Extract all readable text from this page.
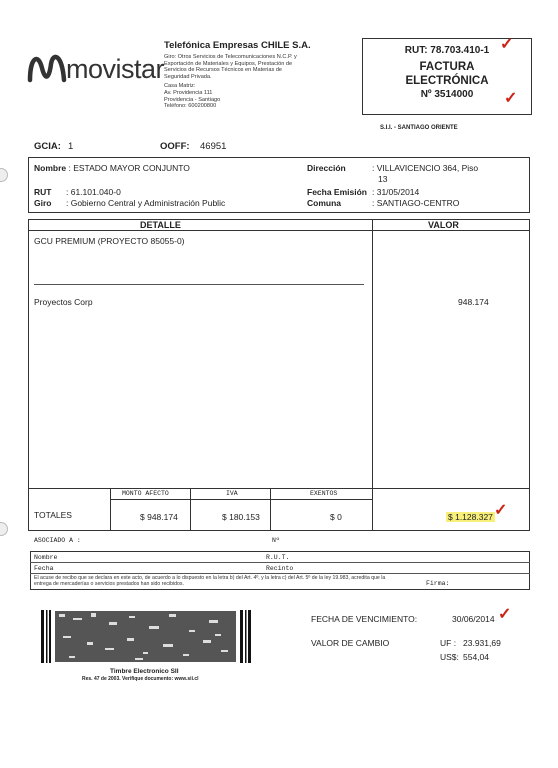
movistar
Telefónica Empresas CHILE S.A.
Giro: Otros Servicios de Telecomunicaciones N.C.P. y
Exportación de Materiales y Equipos, Prestación de
Servicios de Recursos Técnicos en Materias de
Seguridad Privada.
Casa Matriz:
Av. Providencia 111
Providencia - Santiago
Teléfono: 600200800
RUT: 78.703.410-1
FACTURA
ELECTRÓNICA
Nº 3514000
S.I.I. - SANTIAGO ORIENTE
✓
✓
GCIA: 1	OOFF: 46951
Nombre : ESTADO MAYOR CONJUNTO
RUT : 61.101.040-0
Giro : Gobierno Central y Administración Public
Dirección	: VILLAVICENCIO 364, Piso
13
Fecha Emisión : 31/05/2014
Comuna	: SANTIAGO-CENTRO
DETALLE	VALOR
GCU PREMIUM (PROYECTO 85055-0)
Proyectos Corp	948.174
MONTO AFECTO	IVA	EXENTOS
TOTALES	$ 948.174	$ 180.153	$ 0	$ 1.128.327 ✓
ASOCIADO A :	Nº
Nombre	R.U.T.
Fecha	Recinto
El acuse de recibo que se declara en este acto, de acuerdo a lo dispuesto en la letra b) del Art. 4º, y la letra c) del Art. 5º de la ley 19.983, acredita que la entrega de mercaderías o servicios prestados han sido recibidos.	Firma:
Timbre Electronico SII
Res. 47 de 2003. Verifique documento: www.sii.cl
FECHA DE VENCIMIENTO:	30/06/2014
VALOR DE CAMBIO	UF : 23.931,69
US$: 554,04
✓
